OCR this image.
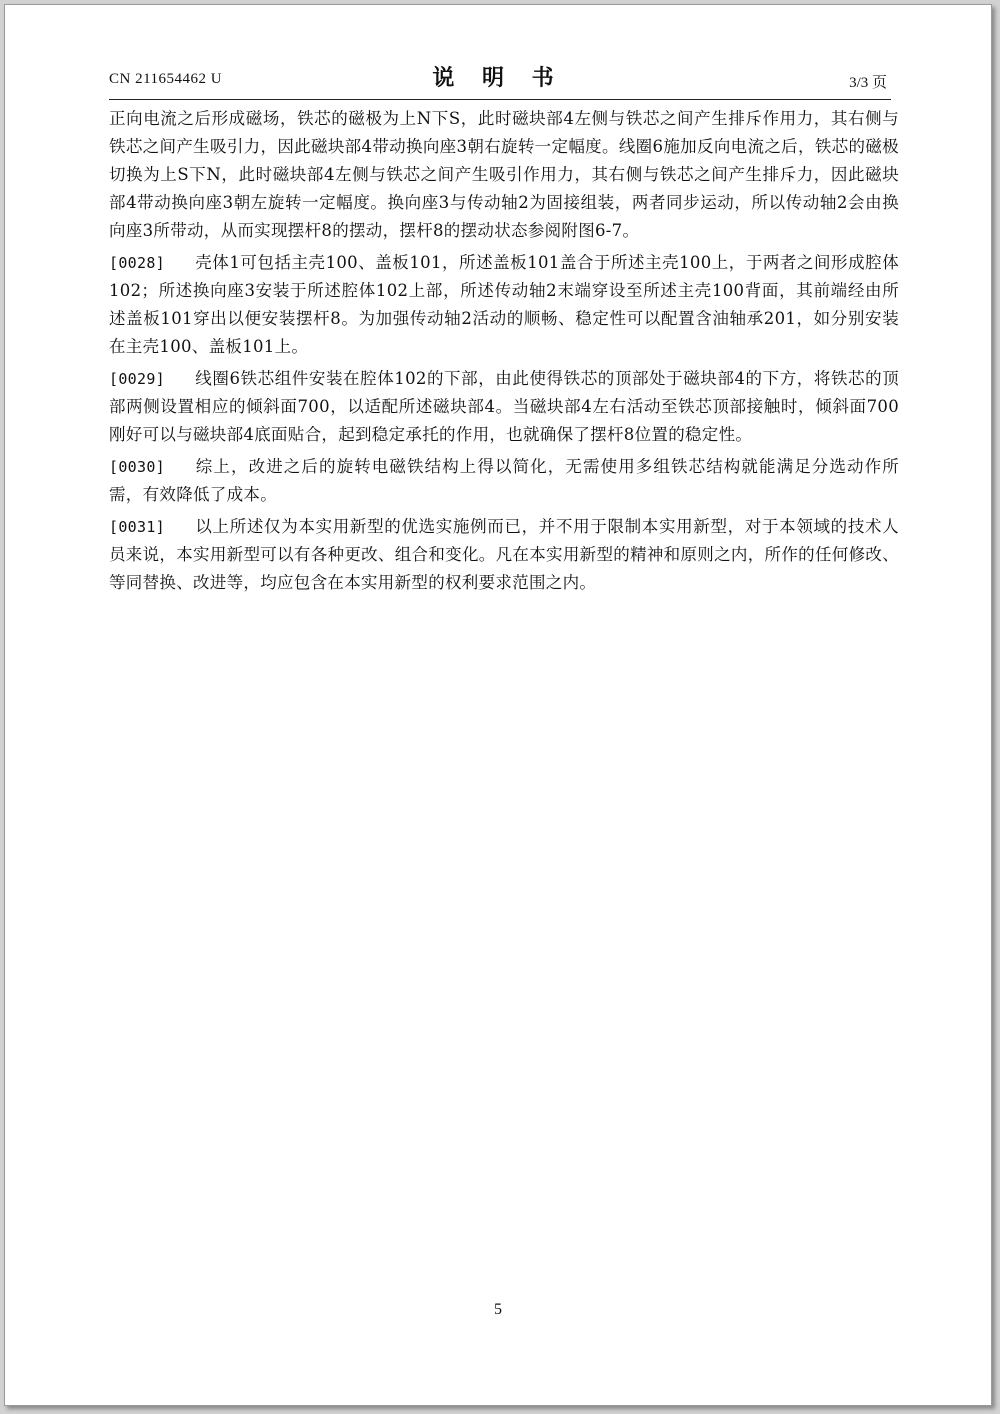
CN 211654462 U	说 明 书	3/3 页

正向电流之后形成磁场，铁芯的磁极为上N下S，此时磁块部4左侧与铁芯之间产生排斥作用力，其右侧与铁芯之间产生吸引力，因此磁块部4带动换向座3朝右旋转一定幅度。线圈6施加反向电流之后，铁芯的磁极切换为上S下N，此时磁块部4左侧与铁芯之间产生吸引作用力，其右侧与铁芯之间产生排斥力，因此磁块部4带动换向座3朝左旋转一定幅度。换向座3与传动轴2为固接组装，两者同步运动，所以传动轴2会由换向座3所带动，从而实现摆杆8的摆动，摆杆8的摆动状态参阅附图6-7。

[0028] 壳体1可包括主壳100、盖板101，所述盖板101盖合于所述主壳100上，于两者之间形成腔体102；所述换向座3安装于所述腔体102上部，所述传动轴2末端穿设至所述主壳100背面，其前端经由所述盖板101穿出以便安装摆杆8。为加强传动轴2活动的顺畅、稳定性可以配置含油轴承201，如分别安装在主壳100、盖板101上。

[0029] 线圈6铁芯组件安装在腔体102的下部，由此使得铁芯的顶部处于磁块部4的下方，将铁芯的顶部两侧设置相应的倾斜面700，以适配所述磁块部4。当磁块部4左右活动至铁芯顶部接触时，倾斜面700刚好可以与磁块部4底面贴合，起到稳定承托的作用，也就确保了摆杆8位置的稳定性。

[0030] 综上，改进之后的旋转电磁铁结构上得以简化，无需使用多组铁芯结构就能满足分选动作所需，有效降低了成本。

[0031] 以上所述仅为本实用新型的优选实施例而已，并不用于限制本实用新型，对于本领域的技术人员来说，本实用新型可以有各种更改、组合和变化。凡在本实用新型的精神和原则之内，所作的任何修改、等同替换、改进等，均应包含在本实用新型的权利要求范围之内。

5
